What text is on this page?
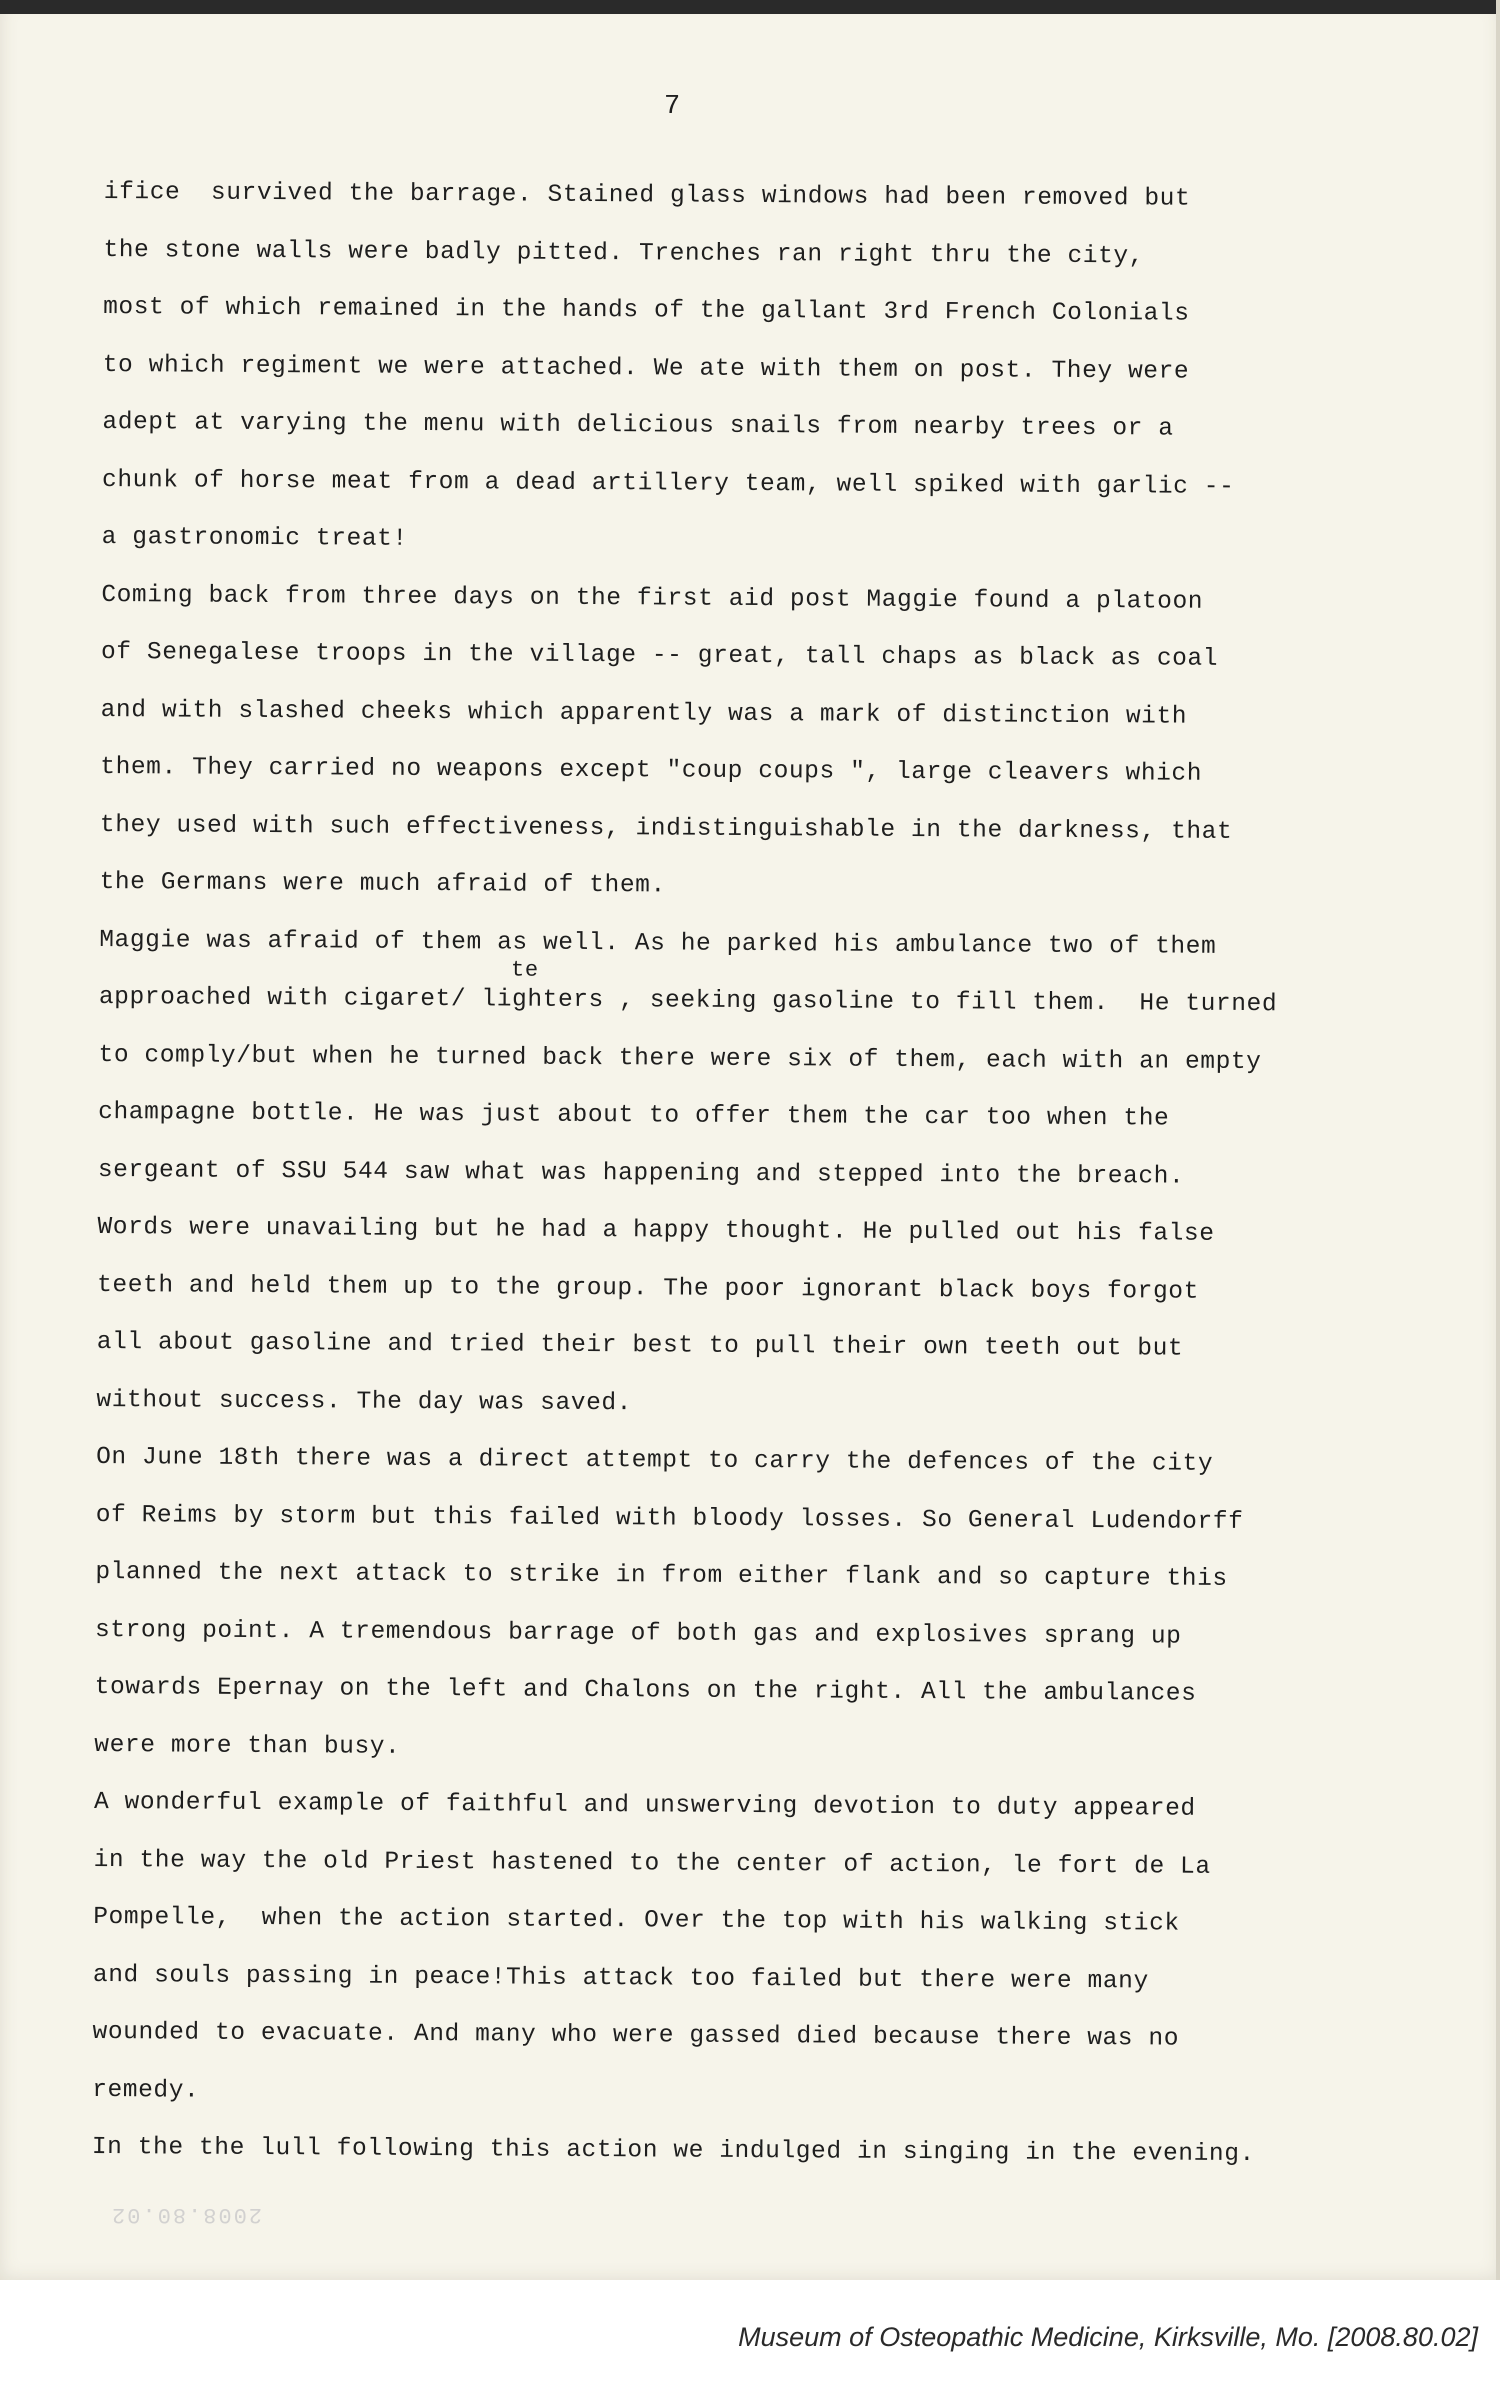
7
ifice  survived the barrage. Stained glass windows had been removed but
the stone walls were badly pitted. Trenches ran right thru the city,
most of which remained in the hands of the gallant 3rd French Colonials
to which regiment we were attached. We ate with them on post. They were
adept at varying the menu with delicious snails from nearby trees or a
chunk of horse meat from a dead artillery team, well spiked with garlic --
a gastronomic treat!
Coming back from three days on the first aid post Maggie found a platoon
of Senegalese troops in the village -- great, tall chaps as black as coal
and with slashed cheeks which apparently was a mark of distinction with
them. They carried no weapons except "coup coups ", large cleavers which
they used with such effectiveness, indistinguishable in the darkness, that
the Germans were much afraid of them.
Maggie was afraid of them as well. As he parked his ambulance two of them
te
approached with cigaret/ lighters , seeking gasoline to fill them.  He turned
to comply/but when he turned back there were six of them, each with an empty
champagne bottle. He was just about to offer them the car too when the
sergeant of SSU 544 saw what was happening and stepped into the breach.
Words were unavailing but he had a happy thought. He pulled out his false
teeth and held them up to the group. The poor ignorant black boys forgot
all about gasoline and tried their best to pull their own teeth out but
without success. The day was saved.
On June 18th there was a direct attempt to carry the defences of the city
of Reims by storm but this failed with bloody losses. So General Ludendorff
planned the next attack to strike in from either flank and so capture this
strong point. A tremendous barrage of both gas and explosives sprang up
towards Epernay on the left and Chalons on the right. All the ambulances
were more than busy.
A wonderful example of faithful and unswerving devotion to duty appeared
in the way the old Priest hastened to the center of action, le fort de La
Pompelle,  when the action started. Over the top with his walking stick
and souls passing in peace!This attack too failed but there were many
wounded to evacuate. And many who were gassed died because there was no
remedy.
In the the lull following this action we indulged in singing in the evening.
2008.80.02
Museum of Osteopathic Medicine, Kirksville, Mo. [2008.80.02]
